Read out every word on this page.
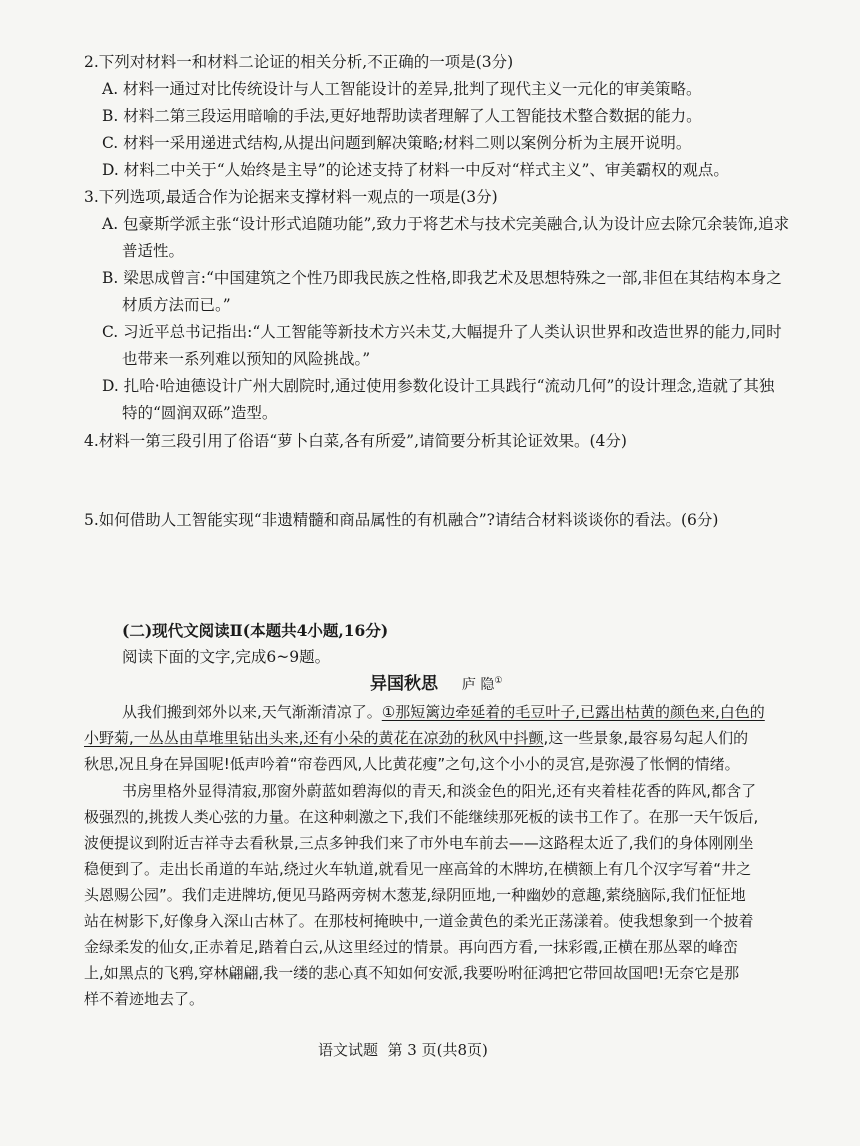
2.下列对材料一和材料二论证的相关分析,不正确的一项是(3分)
A. 材料一通过对比传统设计与人工智能设计的差异,批判了现代主义一元化的审美策略。
B. 材料二第三段运用暗喻的手法,更好地帮助读者理解了人工智能技术整合数据的能力。
C. 材料一采用递进式结构,从提出问题到解决策略;材料二则以案例分析为主展开说明。
D. 材料二中关于“人始终是主导”的论述支持了材料一中反对“样式主义”、审美霸权的观点。
3.下列选项,最适合作为论据来支撑材料一观点的一项是(3分)
A. 包豪斯学派主张“设计形式追随功能”,致力于将艺术与技术完美融合,认为设计应去除冗余装饰,追求
普适性。
B. 梁思成曾言:“中国建筑之个性乃即我民族之性格,即我艺术及思想特殊之一部,非但在其结构本身之
材质方法而已。”
C. 习近平总书记指出:“人工智能等新技术方兴未艾,大幅提升了人类认识世界和改造世界的能力,同时
也带来一系列难以预知的风险挑战。”
D. 扎哈·哈迪德设计广州大剧院时,通过使用参数化设计工具践行“流动几何”的设计理念,造就了其独
特的“圆润双砾”造型。
4.材料一第三段引用了俗语“萝卜白菜,各有所爱”,请简要分析其论证效果。(4分)
5.如何借助人工智能实现“非遗精髓和商品属性的有机融合”?请结合材料谈谈你的看法。(6分)
(二)现代文阅读Ⅱ(本题共4小题,16分)
阅读下面的文字,完成6~9题。
异国秋思 庐 隐①
从我们搬到郊外以来,天气渐渐清凉了。①那短篱边牵延着的毛豆叶子,已露出枯黄的颜色来,白色的
小野菊,一丛丛由草堆里钻出头来,还有小朵的黄花在凉劲的秋风中抖颤,这一些景象,最容易勾起人们的
秋思,况且身在异国呢!低声吟着“帘卷西风,人比黄花瘦”之句,这个小小的灵宫,是弥漫了怅惘的情绪。
书房里格外显得清寂,那窗外蔚蓝如碧海似的青天,和淡金色的阳光,还有夹着桂花香的阵风,都含了
极强烈的,挑拨人类心弦的力量。在这种刺激之下,我们不能继续那死板的读书工作了。在那一天午饭后,
波便提议到附近吉祥寺去看秋景,三点多钟我们来了市外电车前去——这路程太近了,我们的身体刚刚坐
稳便到了。走出长甬道的车站,绕过火车轨道,就看见一座高耸的木牌坊,在横额上有几个汉字写着“井之
头恩赐公园”。我们走进牌坊,便见马路两旁树木葱茏,绿阴匝地,一种幽妙的意趣,萦绕脑际,我们怔怔地
站在树影下,好像身入深山古林了。在那枝柯掩映中,一道金黄色的柔光正荡漾着。使我想象到一个披着
金绿柔发的仙女,正赤着足,踏着白云,从这里经过的情景。再向西方看,一抹彩霞,正横在那丛翠的峰峦
上,如黑点的飞鸦,穿林翩翩,我一缕的悲心真不知如何安派,我要吩咐征鸿把它带回故国吧!无奈它是那
样不着迹地去了。
语文试题  第 3 页(共8页)
